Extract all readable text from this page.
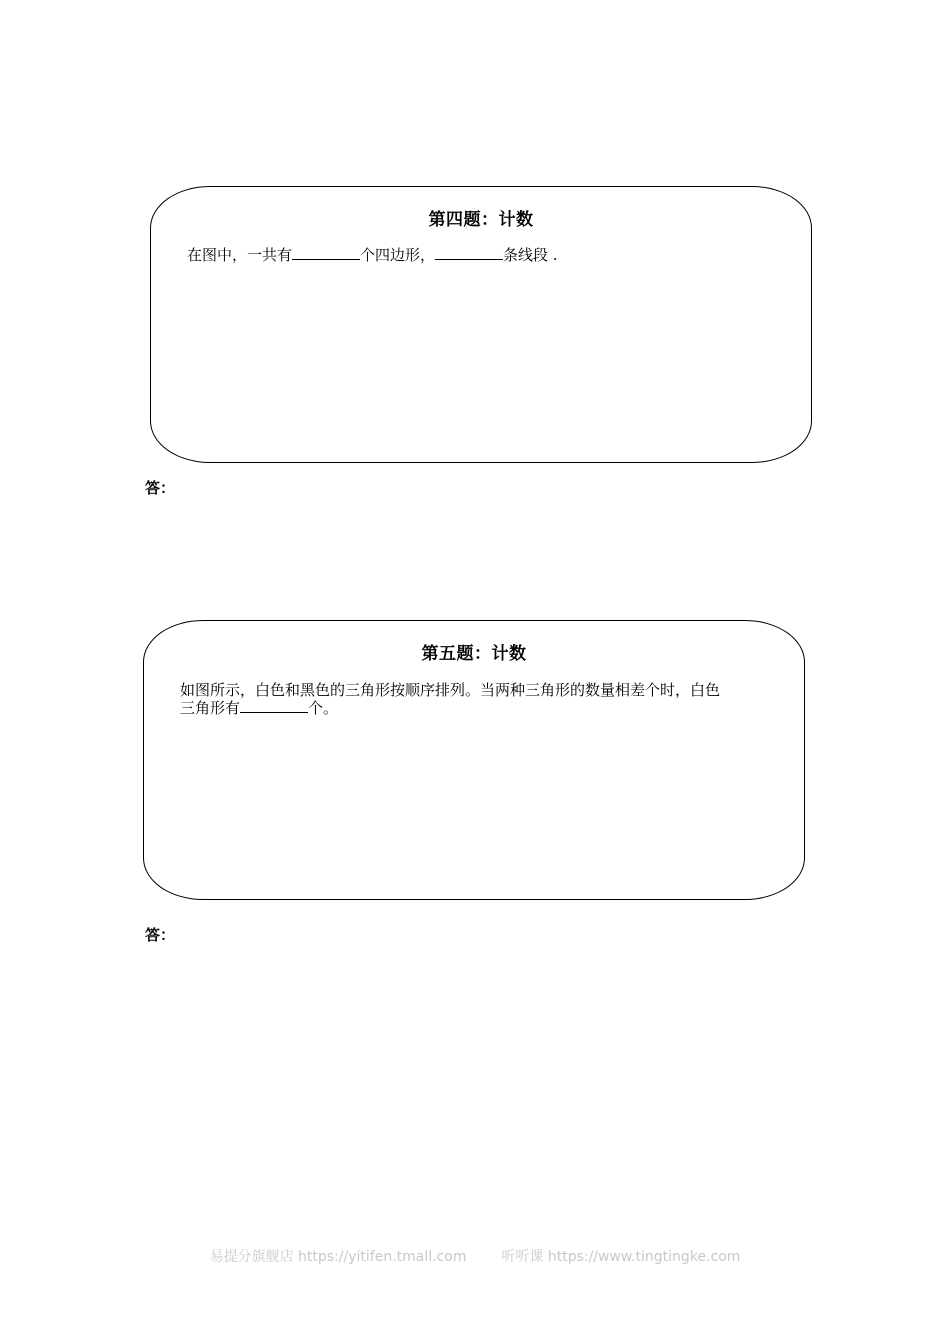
第四题：计数
在图中，一共有	个四边形，	条线段 .
答：
第五题：计数
如图所示，白色和黑色的三角形按顺序排列。当两种三角形的数量相差个时，白色
三角形有	个。
答：
易提分旗舰店 https://yitifen.tmall.com 听听课 https://www.tingtingke.com
